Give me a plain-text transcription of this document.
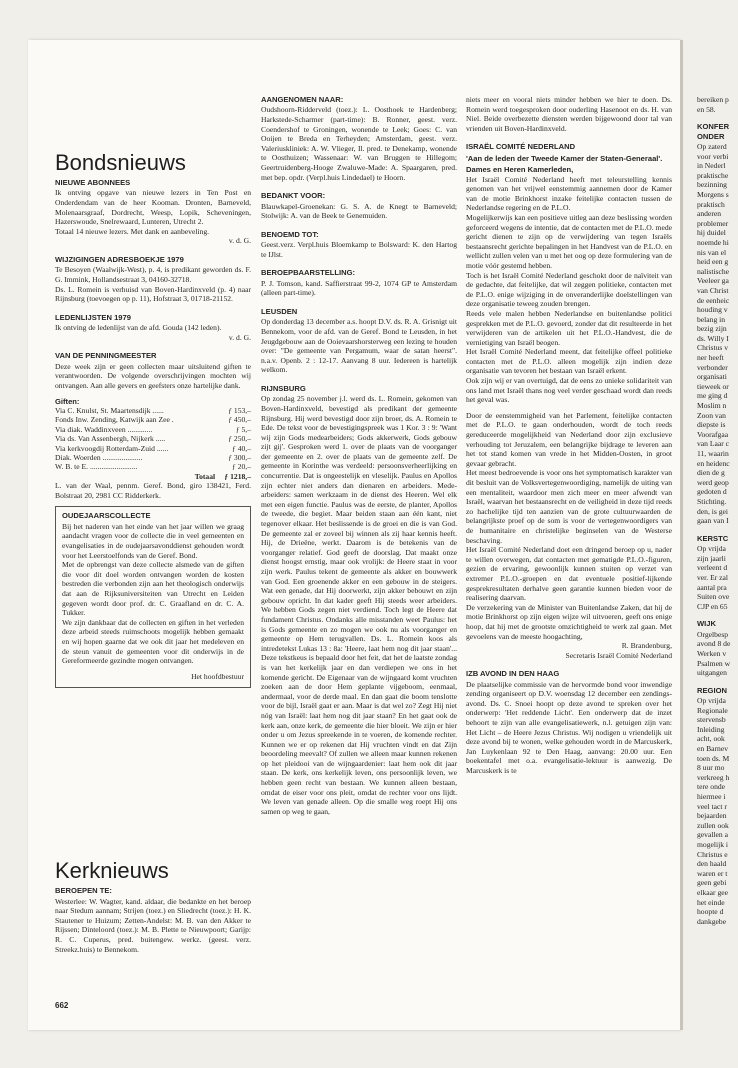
Bondsnieuws
NIEUWE ABONNEES

Ik ontving opgave van nieuwe lezers in Ten Post en Onderdendam van de heer Kooman. Dronten, Barneveld, Molenaarsgraaf, Dordrecht, Weesp, Lopik, Scheveningen, Hazerswoude, Snelrewaard, Lunteren, Utrecht 2.

Totaal 14 nieuwe lezers. Met dank en aanbeveling.

v. d. G.

WIJZIGINGEN ADRESBOEKJE 1979

Te Besoyen (Waalwijk-West), p. 4, is predikant geworden ds. F. G. Immink, Hollandsestraat 3, 04160-32718.

Ds. L. Romein is verhuisd van Boven-Hardinxveld (p. 4) naar Rijnsburg (toevoegen op p. 11), Hofstraat 3, 01718-21152.

LEDENLIJSTEN 1979

Ik ontving de ledenlijst van de afd. Gouda (142 leden).

v. d. G.

VAN DE PENNINGMEESTER

Deze week zijn er geen collecten maar uitsluitend giften te verantwoorden. De volgende overschrijvingen mochten wij ontvangen. Aan alle gevers en geefsters onze hartelijke dank.

Giften:
Via C. Knulst, St. Maartensdijk ......	ƒ 153,–
Fonds Inw. Zending, Katwijk aan Zee .	ƒ 450,–
Via diak. Waddinxveen .............	ƒ 5,–
Via ds. Van Assenbergh, Nijkerk .....	ƒ 250,–
Via kerkvoogdij Rotterdam-Zuid ......	ƒ 40,–
Diak. Woerden .....................	ƒ 300,–
W. B. te E. .........................	ƒ 20,–
Totaal	ƒ 1218,–

L. van der Waal, pennm. Geref. Bond, giro 138421, Ferd. Bolstraat 20, 2981 CC Ridderkerk.

OUDEJAARSCOLLECTE

Bij het naderen van het einde van het jaar willen we graag aandacht vragen voor de collecte die in veel gemeenten en evangelisaties in de oudejaarsavonddienst gehouden wordt voor het Leerstoelfonds van de Geref. Bond.

Met de opbrengst van deze collecte alsmede van de giften die voor dit doel worden ontvangen worden de kosten bestreden die verbonden zijn aan het theologisch onderwijs dat aan de Rijksuniversiteiten van Utrecht en Leiden gegeven wordt door prof. dr. C. Graafland en dr. C. A. Tukker.

We zijn dankbaar dat de collecten en giften in het verleden deze arbeid steeds ruimschoots mogelijk hebben gemaakt en wij hopen gaarne dat we ook dit jaar het medeleven en de steun vanuit de gemeenten voor dit onderwijs in de Gereformeerde gezindte mogen ontvangen.

Het hoofdbestuur

Kerknieuws
BEROEPEN TE:

Westerlee: W. Wagter, kand. aldaar, die bedankte en het beroep naar Stedum aannam; Strijen (toez.) en Sliedrecht (toez.): H. K. Stautener te Huizum; Zetten-Andelst: M. B. van den Akker te Rijssen; Dinteloord (toez.): M. B. Plette te Nieuwpoort; Garijp: R. C. Cuperus, pred. buitengew. werkz. (geest. verz. Streekz.huis) te Bennekom.

AANGENOMEN NAAR:

Oudshoorn-Ridderveld (toez.): L. Oosthoek te Hardenberg; Harkstede-Scharmer (part-time): B. Ronner, geest. verz. Coendershof te Groningen, wonende te Leek; Goes: C. van Ooijen te Breda en Terheyden; Amsterdam, geest. verz. Valeriuskliniek: A. W. Vlieger, Il. pred. te Denekamp, wonende te Oosthuizen; Wassenaar: W. van Bruggen te Hillegom; Geertruidenberg-Hooge Zwaluwe-Made: A. Spaargaren, pred. met bep. opdr. (Verpl.huis Lindedael) te Hoorn.

BEDANKT VOOR:

Blauwkapel-Groenekan: G. S. A. de Knegt te Barneveld; Stolwijk: A. van de Beek te Genemuiden.

BENOEMD TOT:

Geest.verz. Verpl.huis Bloemkamp te Bolsward: K. den Hartog te IJlst.

BEROEPBAARSTELLING:

P. J. Tomson, kand. Saffierstraat 99-2, 1074 GP te Amsterdam (alleen part-time).

LEUSDEN

Op donderdag 13 december a.s. hoopt D.V. ds. R. A. Grisnigt uit Bennekom, voor de afd. van de Geref. Bond te Leusden, in het Jeugdgebouw aan de Ooievaarshorsterweg een lezing te houden over: "De gemeente van Pergamum, waar de satan heerst". n.a.v. Openb. 2 : 12-17. Aanvang 8 uur. Iedereen is hartelijk welkom.

RIJNSBURG

Op zondag 25 november j.l. werd ds. L. Romein, gekomen van Boven-Hardinxveld, bevestigd als predikant der gemeente Rijnsburg. Hij werd bevestigd door zijn broer, ds. A. Romein te Ede. De tekst voor de bevestigingspreek was 1 Kor. 3 : 9: 'Want wij zijn Gods medearbeiders; Gods akkerwerk, Gods gebouw zijt gij'. Gesproken werd 1. over de plaats van de voorganger der gemeente en 2. over de plaats van de gemeente zelf. De gemeente in Korinthe was verdeeld: persoonsverheerlijking en concurrentie. Dat is ongeestelijk en vleselijk. Paulus en Apollos zijn echter niet anders dan dienaren en arbeiders. Mede-arbeiders: samen werkzaam in de dienst des Heeren. Wel elk met een eigen functie. Paulus was de eerste, de planter, Apollos de tweede, die begiet. Maar beiden staan aan één kant, niet tegenover elkaar. Het beslissende is de groei en die is van God. De gemeente zal er zoveel bij winnen als zij haar kennis heeft. Hij, de Drieëne, werkt. Daarom is de betekenis van de voorganger relatief. God geeft de doorslag. Dat maakt onze dienst hoogst ernstig, maar ook vrolijk: de Heere staat in voor zijn werk. Paulus tekent de gemeente als akker en bouwwerk van God. Een groenende akker en een gebouw in de steigers. Wat een genade, dat Hij doorwerkt, zijn akker bebouwt en zijn gebouw opricht. In dat kader geeft Hij steeds weer arbeiders. We hebben Gods zegen niet verdiend. Toch legt de Heere dat fundament Christus. Ondanks alle misstanden weet Paulus: het is Gods gemeente en zo mogen we ook nu als voorganger en gemeente op Hem terugvallen. Ds. L. Romein koos als intredetekst Lukas 13 : 8a: 'Heere, laat hem nog dit jaar staan'... Deze tekstkeus is bepaald door het feit, dat het de laatste zondag is van het kerkelijk jaar en dan verdiepen we ons in het komende gericht. De Eigenaar van de wijngaard komt vruchten zoeken aan de door Hem geplante vijgeboom, eenmaal, andermaal, voor de derde maal. En dan gaat die boom tenslotte voor de bijl, Israël gaat er aan. Maar is dat wel zo? Zegt Hij niet nóg van Israël: laat hem nog dit jaar staan? En het gaat ook de kerk aan, onze kerk, de gemeente die hier bloeit. We zijn er hier onder u om Jezus spreekende in te voeren, de komende rechter. Kunnen we er op rekenen dat Hij vruchten vindt en dat Zijn beoordeling meevalt? Of zullen we alleen maar kunnen rekenen op het pleidooi van de wijngaardenier: laat hem ook dit jaar staan. De kerk, ons kerkelijk leven, ons persoonlijk leven, we hebben geen recht van bestaan. We kunnen alleen bestaan, omdat de eiser voor ons pleit, omdat de rechter voor ons lijdt. We leven van genade alleen. Op die smalle weg roept Hij ons samen op weg te gaan,

niets meer en vooral niets minder hebben we hier te doen. Ds. Romein werd toegesproken door ouderling Hasenoot en ds. H. van Niel. Beide overbezette diensten werden bijgewoond door tal van vrienden uit Boven-Hardinxveld.

ISRAËL COMITÉ NEDERLAND
'Aan de leden der Tweede Kamer der Staten-Generaal'.
Dames en Heren Kamerleden,

Het Israël Comité Nederland heeft met teleurstelling kennis genomen van het vrijwel eenstemmig aannemen door de Kamer van de motie Brinkhorst inzake feitelijke contacten tussen de Nederlandse regering en de P.L.O.

Mogelijkerwijs kan een positieve uitleg aan deze beslissing worden geforceerd wegens de intentie, dat de contacten met de P.L.O. mede gericht dienen te zijn op de verwijdering van tegen Israëls bestaansrecht gerichte bepalingen in het Handvest van de P.L.O. en wellicht zullen velen van u met het oog op deze formulering van de motie vóór gestemd hebben.

Toch is het Israël Comité Nederland geschokt door de naïviteit van de gedachte, dat feitelijke, dat wil zeggen politieke, contacten met de P.L.O. enige wijziging in de onveranderlijke doelstellingen van deze organisatie teweeg zouden brengen.

Reeds vele malen hebben Nederlandse en buitenlandse politici gesprekken met de P.L.O. gevoerd, zonder dat dit resulteerde in het verwijderen van de artikelen uit het P.L.O.-Handvest, die de vernietiging van Israël beogen.

Het Israël Comité Nederland meent, dat feitelijke offeel politieke contacten met de P.L.O. alleen mogelijk zijn indien deze organisatie van tevoren het bestaan van Israël erkent.

Ook zijn wij er van overtuigd, dat de eens zo unieke solidariteit van ons land met Israël thans nog veel verder geschaad wordt dan reeds het geval was.

Door de eenstemmigheid van het Parlement, feitelijke contacten met de P.L.O. te gaan onderhouden, wordt de toch reeds gereduceerde mogelijkheid van Nederland door zijn exclusieve verhouding tot Jeruzalem, een belangrijke bijdrage te leveren aan het tot stand komen van vrede in het Midden-Oosten, in groot gevaar gebracht.

Het meest bedroevende is voor ons het symptomatisch karakter van dit besluit van de Volksvertegenwoordiging, namelijk de uiting van een mentaliteit, waardoor men zich meer en meer afwendt van Israël, waarvan het bestaansrecht en de veiligheid in deze tijd reeds zo hachelijke tijd ten aanzien van de grote cultuurwaarden de belangrijkste proef op de som is voor de vertegenwoordigers van de humanitaire en christelijke beginselen van de Westerse beschaving.

Het Israël Comité Nederland doet een dringend beroep op u, nader te willen overwegen, dat contacten met gematigde P.L.O.-figuren, gezien de ervaring, gewoonlijk kunnen stuiten op verzet van extremer P.L.O.-groepen en dat eventuele positief-lijkende gesprekresultaten derhalve geen garantie kunnen bieden voor de realisering daarvan.

De verzekering van de Minister van Buitenlandse Zaken, dat hij de motie Brinkhorst op zijn eigen wijze wil uitvoeren, geeft ons enige hoop, dat hij met de grootste omzichtigheid te werk zal gaan. Met gevoelens van de meeste hoogachting,

R. Brandenburg,

Secretaris Israël Comité Nederland

IZB AVOND IN DEN HAAG

De plaatselijke commissie van de hervormde bond voor inwendige zending organiseert op D.V. woensdag 12 december een zendings-avond. Ds. C. Snoei hoopt op deze avond te spreken over het onderwerp: 'Het reddende Licht'. Een onderwerp dat de inzet behoort te zijn van alle evangelisatiewerk, n.l. getuigen zijn van: Het Licht – de Heere Jezus Christus. Wij nodigen u vriendelijk uit deze avond bij te wonen, welke gehouden wordt in de Marcuskerk, Jan Luykenlaan 92 te Den Haag, aanvang: 20.00 uur. Een boekentafel met o.a. evangelisatie-lektuur is aanwezig. De Marcuskerk is te

bereiken p
en 58.
KONFER
ONDER
Op zaterd
voor verbi
in Nederl
praktische
bezinning
Morgens s
praktisch
anderen
problemer
hij duidel
noemde hi
nis van el
heid een g
nalistische
Veeleer ga
van Christ
de eenheic
houding v
belang in
bezig zijn
ds. Willy I
Christus v
ner heeft
verbonder
organisati
tieweek or
me ging d
Moslim n
Zoon van
diepste is
Voorafgaa
van Laar c
11, waarin
en heidenc
dien de g
werd geop
gedoten d
Stichting.
den, is gei
gaan van I
KERSTC
Op vrijda
zijn jaarli
verleent d
ver. Er zal
aantal pra
Suiten ove
CJP en 65
WIJK
Orgelbesp
avond 8 de
Werken v
Psalmen w
uitgangen
REGION
Op vrijda
Regionale
stervensb
Inleiding
acht, ook
en Barnev
toen ds. M
8 uur mo
verkreeg h
tere onde
hiermee i
veel tact r
bejaarden
zullen ook
gevallen a
mogelijk i
Christus e
den haald
waren er t
geen gebi
elkaar gee
het einde
hoopte d
dankgebe
662
